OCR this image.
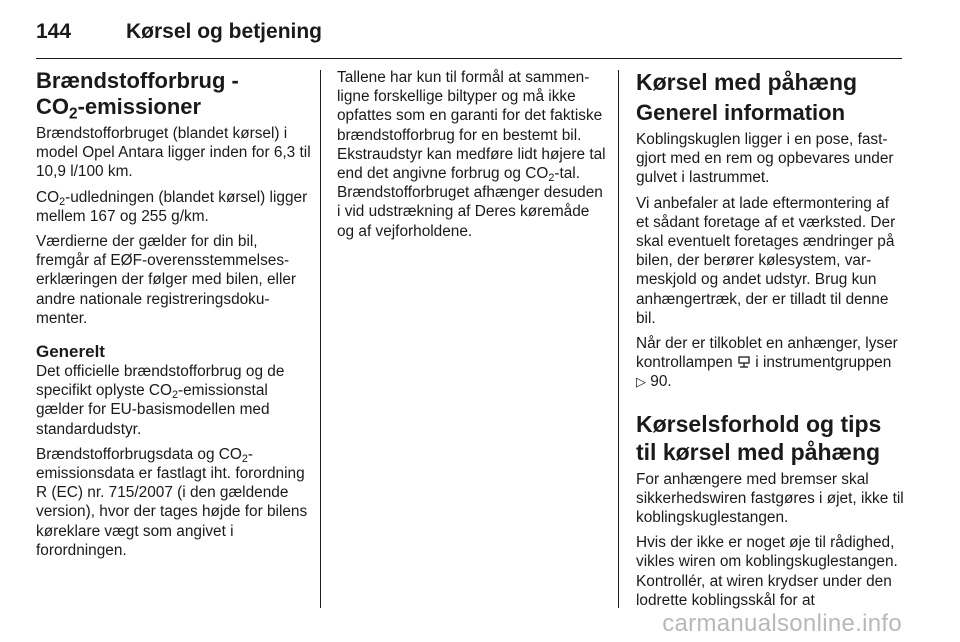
144	Kørsel og betjening
Brændstofforbrug -
$CO_2$-emissioner

Brændstofforbruget (blandet kørsel) i model Opel Antara ligger inden for 6,3 til 10,9 l/100 km.

$CO_2$-udledningen (blandet kørsel) ligger mellem 167 og 255 g/km.

Værdierne der gælder for din bil, fremgår af EØF-overensstemmelseserklæringen der følger med bilen, eller andre nationale registreringsdokumenter.

Generelt

Det officielle brændstofforbrug og de specifikt oplyste $CO_2$-emissionstal gælder for EU-basismodellen med standardudstyr.

Brændstofforbrugsdata og $CO_2$-emissionsdata er fastlagt iht. forordning R (EC) nr. 715/2007 (i den gældende version), hvor der tages højde for bilens køreklare vægt som angivet i forordningen.

Tallene har kun til formål at sammenligne forskellige biltyper og må ikke opfattes som en garanti for det faktiske brændstofforbrug for en bestemt bil. Ekstraudstyr kan medføre lidt højere tal end det angivne forbrug og $CO_2$-tal. Brændstofforbruget afhænger desuden i vid udstrækning af Deres køremåde og af vejforholdene.

Kørsel med påhæng
Generel information

Koblingskuglen ligger i en pose, fastgjort med en rem og opbevares under gulvet i lastrummet.

Vi anbefaler at lade eftermontering af et sådant foretage af et værksted. Der skal eventuelt foretages ændringer på bilen, der berører kølesystem, varmeskjold og andet udstyr. Brug kun anhængertræk, der er tilladt til denne bil.

Når der er tilkoblet en anhænger, lyser kontrollampen i instrumentgruppen ▷ 90.

Kørselsforhold og tips til kørsel med påhæng

For anhængere med bremser skal sikkerhedswiren fastgøres i øjet, ikke til koblingskuglestangen.

Hvis der ikke er noget øje til rådighed, vikles wiren om koblingskuglestangen. Kontrollér, at wiren krydser under den lodrette koblingsskål for at

carmanualsonline.info
